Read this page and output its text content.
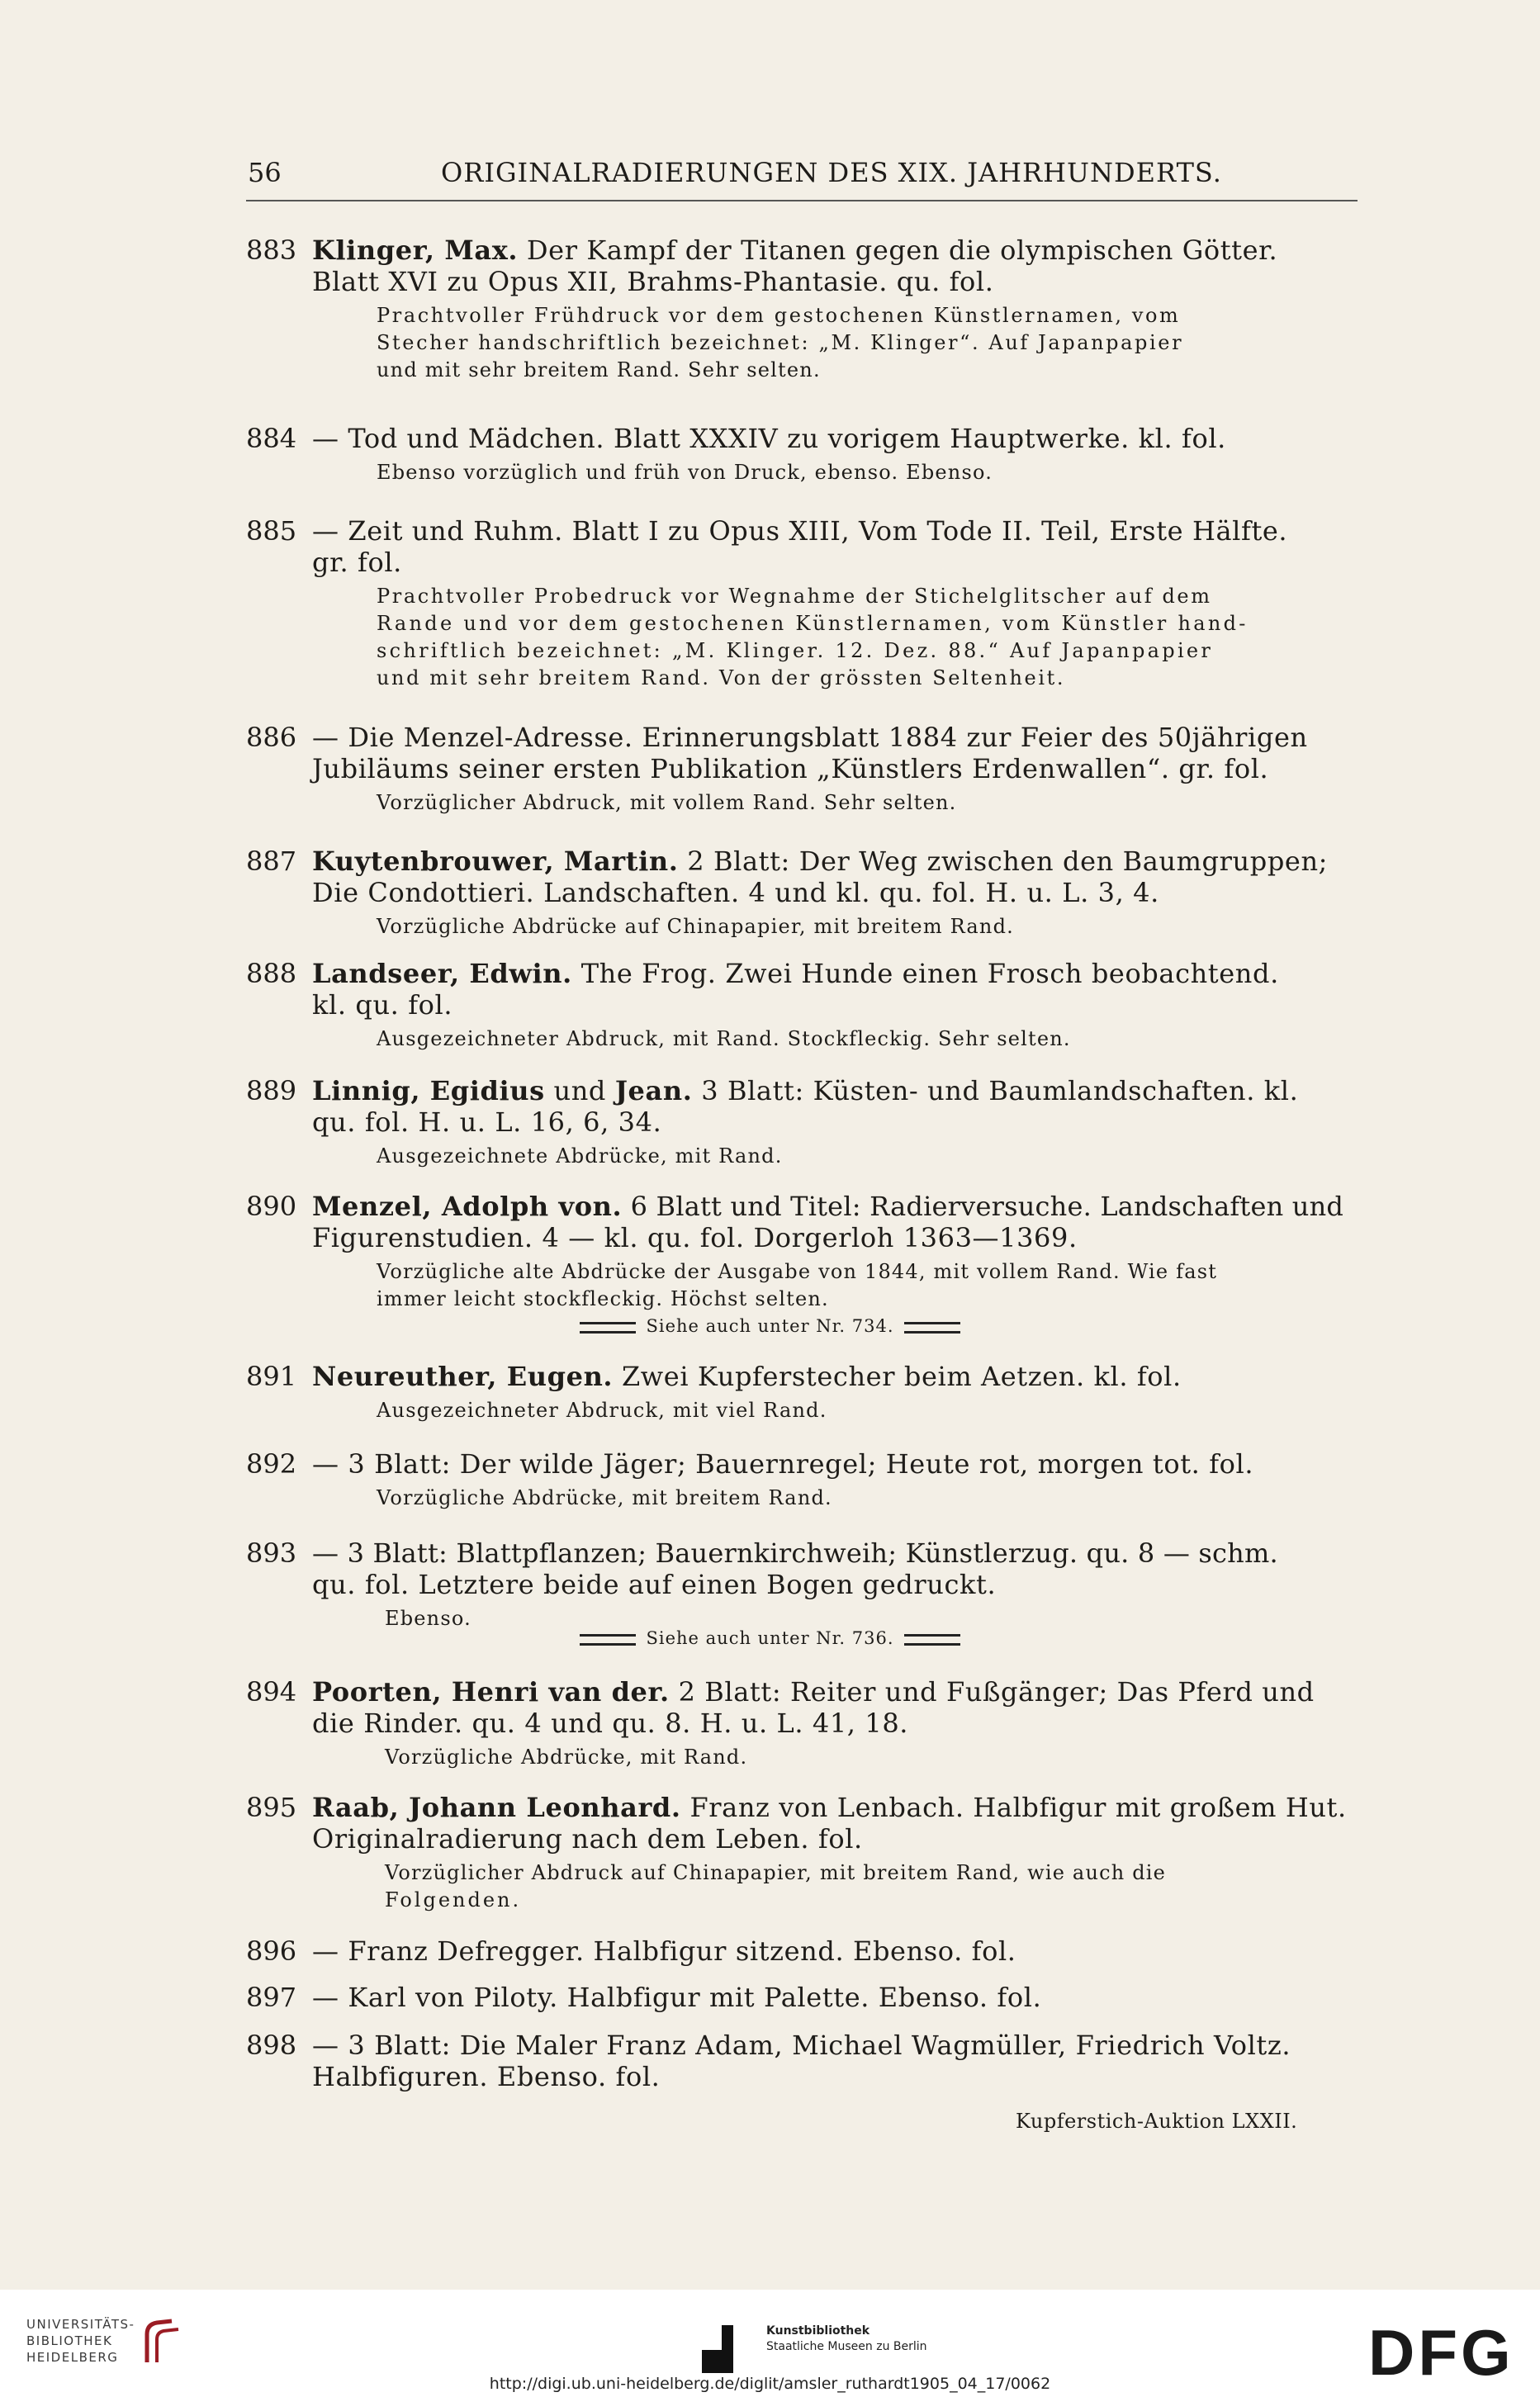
56	ORIGINALRADIERUNGEN DES XIX. JAHRHUNDERTS.
883 Klinger, Max. Der Kampf der Titanen gegen die olympischen Götter.
Blatt XVI zu Opus XII, Brahms-Phantasie. qu. fol.
Prachtvoller Frühdruck vor dem gestochenen Künstlernamen, vom
Stecher handschriftlich bezeichnet: „M. Klinger“. Auf Japanpapier
und mit sehr breitem Rand. Sehr selten.
884 — Tod und Mädchen. Blatt XXXIV zu vorigem Hauptwerke. kl. fol.
Ebenso vorzüglich und früh von Druck, ebenso. Ebenso.
885 — Zeit und Ruhm. Blatt I zu Opus XIII, Vom Tode II. Teil, Erste Hälfte.
gr. fol.
Prachtvoller Probedruck vor Wegnahme der Stichelglitscher auf dem
Rande und vor dem gestochenen Künstlernamen, vom Künstler hand-
schriftlich bezeichnet: „M. Klinger. 12. Dez. 88.“ Auf Japanpapier
und mit sehr breitem Rand. Von der grössten Seltenheit.
886 — Die Menzel-Adresse. Erinnerungsblatt 1884 zur Feier des 50jährigen
Jubiläums seiner ersten Publikation „Künstlers Erdenwallen“. gr. fol.
Vorzüglicher Abdruck, mit vollem Rand. Sehr selten.
887 Kuytenbrouwer, Martin. 2 Blatt: Der Weg zwischen den Baumgruppen;
Die Condottieri. Landschaften. 4 und kl. qu. fol. H. u. L. 3, 4.
Vorzügliche Abdrücke auf Chinapapier, mit breitem Rand.
888 Landseer, Edwin. The Frog. Zwei Hunde einen Frosch beobachtend.
kl. qu. fol.
Ausgezeichneter Abdruck, mit Rand. Stockfleckig. Sehr selten.
889 Linnig, Egidius und Jean. 3 Blatt: Küsten- und Baumlandschaften. kl.
qu. fol. H. u. L. 16, 6, 34.
Ausgezeichnete Abdrücke, mit Rand.
890 Menzel, Adolph von. 6 Blatt und Titel: Radierversuche. Landschaften und
Figurenstudien. 4 — kl. qu. fol. Dorgerloh 1363—1369.
Vorzügliche alte Abdrücke der Ausgabe von 1844, mit vollem Rand. Wie fast
immer leicht stockfleckig. Höchst selten.
Siehe auch unter Nr. 734.
891 Neureuther, Eugen. Zwei Kupferstecher beim Aetzen. kl. fol.
Ausgezeichneter Abdruck, mit viel Rand.
892 — 3 Blatt: Der wilde Jäger; Bauernregel; Heute rot, morgen tot. fol.
Vorzügliche Abdrücke, mit breitem Rand.
893 — 3 Blatt: Blattpflanzen; Bauernkirchweih; Künstlerzug. qu. 8 — schm.
qu. fol. Letztere beide auf einen Bogen gedruckt.
Ebenso.
Siehe auch unter Nr. 736.
894 Poorten, Henri van der. 2 Blatt: Reiter und Fußgänger; Das Pferd und
die Rinder. qu. 4 und qu. 8. H. u. L. 41, 18.
Vorzügliche Abdrücke, mit Rand.
895 Raab, Johann Leonhard. Franz von Lenbach. Halbfigur mit großem Hut.
Originalradierung nach dem Leben. fol.
Vorzüglicher Abdruck auf Chinapapier, mit breitem Rand, wie auch die
Folgenden.
896 — Franz Defregger. Halbfigur sitzend. Ebenso. fol.
897 — Karl von Piloty. Halbfigur mit Palette. Ebenso. fol.
898 — 3 Blatt: Die Maler Franz Adam, Michael Wagmüller, Friedrich Voltz.
Halbfiguren. Ebenso. fol.
Kupferstich-Auktion LXXII.
UNIVERSITÄTS-
BIBLIOTHEK
HEIDELBERG
Kunstbibliothek
Staatliche Museen zu Berlin	DFG
http://digi.ub.uni-heidelberg.de/diglit/amsler_ruthardt1905_04_17/0062
